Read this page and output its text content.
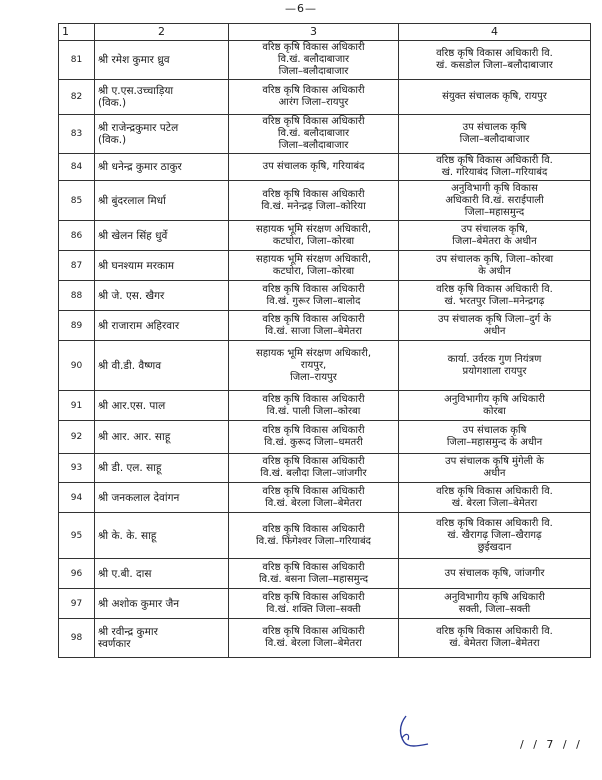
—6—
1	2	3	4
81	श्री रमेश कुमार ध्रुव	वरिष्ठ कृषि विकास अधिकारी
वि.खं. बलौदाबाजार
जिला–बलौदाबाजार	वरिष्ठ कृषि विकास अधिकारी वि.
खं. कसडोल जिला–बलौदाबाजार
82	श्री ए.एस.उच्चाड़िया
(विक.)	वरिष्ठ कृषि विकास अधिकारी
आरंग जिला–रायपुर	संयुक्त संचालक कृषि, रायपुर
83	श्री राजेन्द्रकुमार पटेल
(विक.)	वरिष्ठ कृषि विकास अधिकारी
वि.खं. बलौदाबाजार
जिला–बलौदाबाजार	उप संचालक कृषि
जिला–बलौदाबाजार
84	श्री धनेन्द्र कुमार ठाकुर	उप संचालक कृषि, गरियाबंद	वरिष्ठ कृषि विकास अधिकारी वि.
खं. गरियाबंद जिला–गरियाबंद
85	श्री बुंदरलाल मिर्धा	वरिष्ठ कृषि विकास अधिकारी
वि.खं. मनेन्द्रढ़ जिला–कोरिया	अनुविभागी कृषि विकास
अधिकारी वि.खं. सराईपाली
जिला–महासमुन्द
86	श्री खेलन सिंह धुर्वे	सहायक भूमि संरक्षण अधिकारी,
कटघोरा, जिला–कोरबा	उप संचालक कृषि,
जिला–बेमेतरा के अधीन
87	श्री घनश्याम मरकाम	सहायक भूमि संरक्षण अधिकारी,
कटघोरा, जिला–कोरबा	उप संचालक कृषि, जिला–कोरबा
के अधीन
88	श्री जे. एस. खैगर	वरिष्ठ कृषि विकास अधिकारी
वि.खं. गुरूर जिला–बालोद	वरिष्ठ कृषि विकास अधिकारी वि.
खं. भरतपुर जिला–मनेन्द्रगढ़
89	श्री राजाराम अहिरवार	वरिष्ठ कृषि विकास अधिकारी
वि.खं. साजा जिला–बेमेतरा	उप संचालक कृषि जिला–दुर्ग के
अधीन
90	श्री वी.डी. वैष्णव	सहायक भूमि संरक्षण अधिकारी,
रायपुर,
जिला–रायपुर	कार्या. उर्वरक गुण नियंत्रण
प्रयोगशाला रायपुर
91	श्री आर.एस. पाल	वरिष्ठ कृषि विकास अधिकारी
वि.खं. पाली जिला–कोरबा	अनुविभागीय कृषि अधिकारी
कोरबा
92	श्री आर. आर. साहू	वरिष्ठ कृषि विकास अधिकारी
वि.खं. कुरूद जिला–धमतरी	उप संचालक कृषि
जिला–महासमुन्द के अधीन
93	श्री डी. एल. साहू	वरिष्ठ कृषि विकास अधिकारी
वि.खं. बलौदा जिला–जांजगीर	उप संचालक कृषि मुंगेली के
अधीन
94	श्री जनकलाल देवांगन	वरिष्ठ कृषि विकास अधिकारी
वि.खं. बेरला जिला–बेमेतरा	वरिष्ठ कृषि विकास अधिकारी वि.
खं. बेरला जिला–बेमेतरा
95	श्री के. के. साहू	वरिष्ठ कृषि विकास अधिकारी
वि.खं. फिंगेश्वर जिला–गरियाबंद	वरिष्ठ कृषि विकास अधिकारी वि.
खं. खैरागढ़ जिला–खैरागढ़
छुईखदान
96	श्री ए.बी. दास	वरिष्ठ कृषि विकास अधिकारी
वि.खं. बसना जिला–महासमुन्द	उप संचालक कृषि, जांजगीर
97	श्री अशोक कुमार जैन	वरिष्ठ कृषि विकास अधिकारी
वि.खं. शक्ति जिला–सक्ती	अनुविभागीय कृषि अधिकारी
सक्ती, जिला–सक्ती
98	श्री रवीन्द्र कुमार
स्वर्णकार	वरिष्ठ कृषि विकास अधिकारी
वि.खं. बेरला जिला–बेमेतरा	वरिष्ठ कृषि विकास अधिकारी वि.
खं. बेमेतरा जिला–बेमेतरा
/ / 7 / /
